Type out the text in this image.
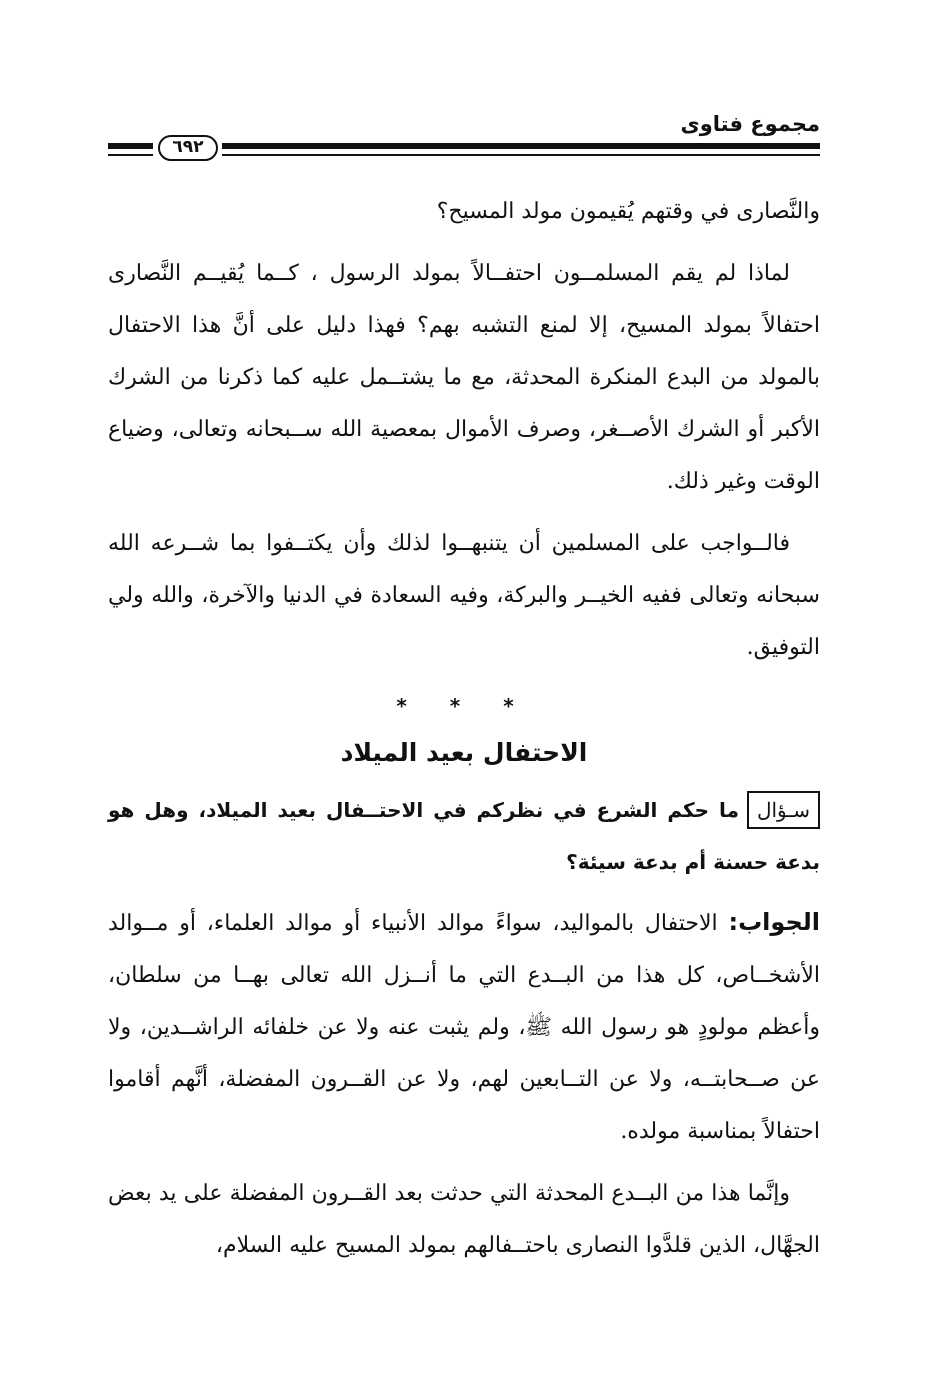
مجموع فتاوى
٦٩٢

والنَّصارى في وقتهم يُقيمون مولد المسيح؟

لماذا لم يقم المسلمــون احتفــالاً بمولد الرسول ، كــما يُقيــم النَّصارى احتفالاً بمولد المسيح، إلا لمنع التشبه بهم؟ فهذا دليل على أنَّ هذا الاحتفال بالمولد من البدع المنكرة المحدثة، مع ما يشتــمل عليه كما ذكرنا من الشرك الأكبر أو الشرك الأصــغر، وصرف الأموال بمعصية الله ســبحانه وتعالى، وضياع الوقت وغير ذلك.

فالــواجب على المسلمين أن يتنبهــوا لذلك وأن يكتــفوا بما شــرعه الله سبحانه وتعالى ففيه الخيــر والبركة، وفيه السعادة في الدنيا والآخرة، والله ولي التوفيق.

* * *
الاحتفال بعيد الميلاد

سـؤالما حكم الشرع في نظركم في الاحتــفال بعيد الميلاد، وهل هو بدعة حسنة أم بدعة سيئة؟

الجواب: الاحتفال بالمواليد، سواءً موالد الأنبياء أو موالد العلماء، أو مــوالد الأشخــاص، كل هذا من البــدع التي ما أنــزل الله تعالى بهــا من سلطان، وأعظم مولودٍ هو رسول الله ﷺ، ولم يثبت عنه ولا عن خلفائه الراشــدين، ولا عن صــحابتــه، ولا عن التــابعين لهم، ولا عن القــرون المفضلة، أنَّهم أقاموا احتفالاً بمناسبة مولده.

وإنَّما هذا من البــدع المحدثة التي حدثت بعد القــرون المفضلة على يد بعض الجهَّال، الذين قلدَّوا النصارى باحتــفالهم بمولد المسيح عليه السلام،
